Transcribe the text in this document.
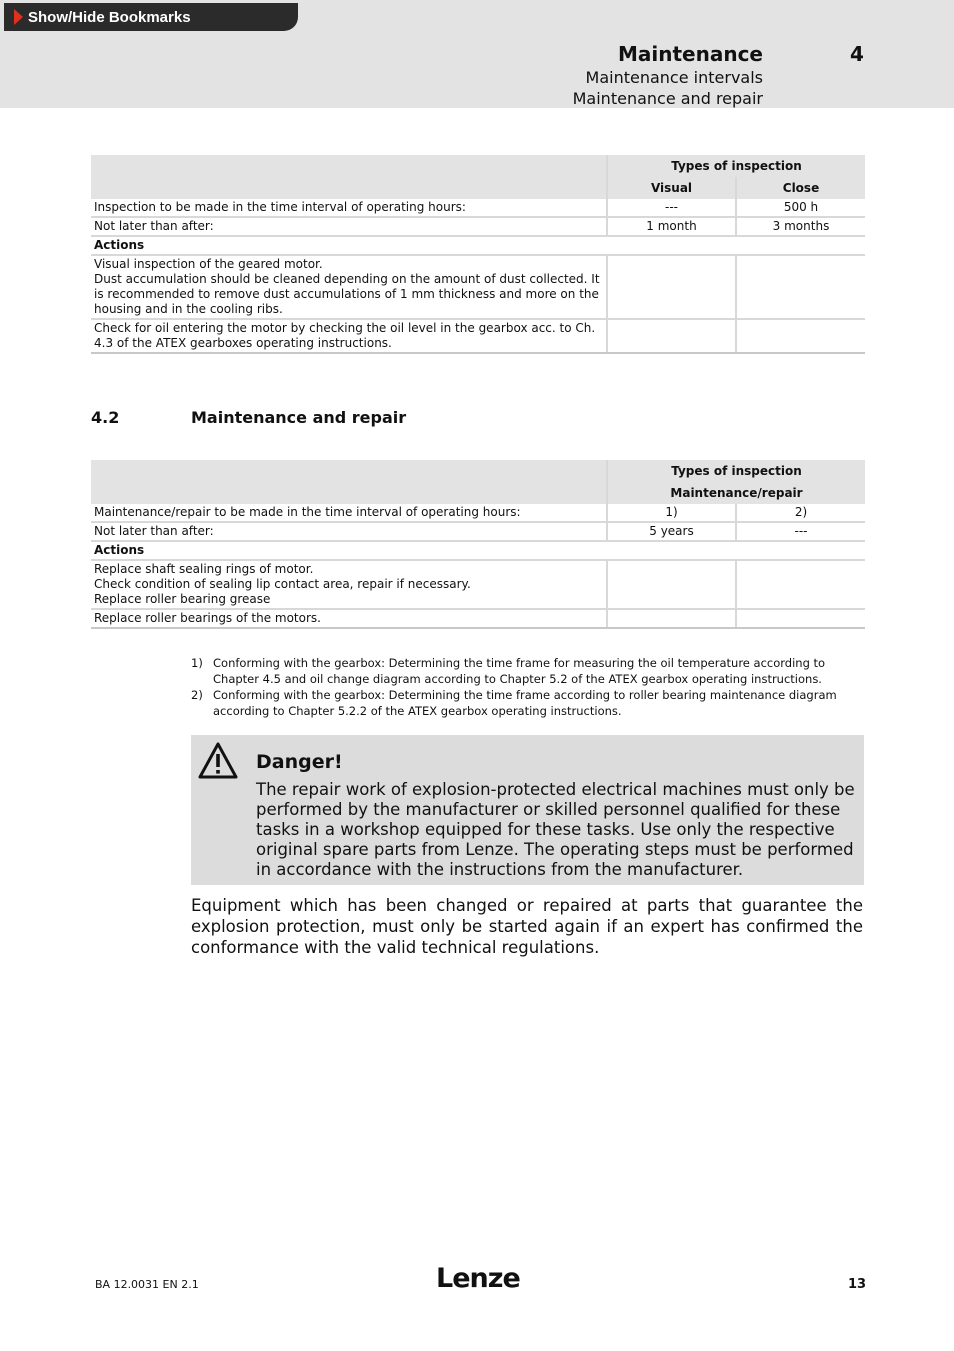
Show/Hide Bookmarks
Maintenance	4
Maintenance intervals
Maintenance and repair
	Types of inspection	
	Visual	Close
Inspection to be made in the time interval of operating hours:	---	500 h
Not later than after:	1 month	3 months
Actions		

Visual inspection of the geared motor.
Dust accumulation should be cleaned depending on the amount of dust collected. It is recommended to remove dust accumulations of 1 mm thickness and more on the housing and in the cooling ribs.		

Check for oil entering the motor by checking the oil level in the gearbox acc. to Ch. 4.3 of the ATEX gearboxes operating instructions.		
4.2	Maintenance and repair
	Types of inspection	
	Maintenance/repair	
Maintenance/repair to be made in the time interval of operating hours:	1)	2)
Not later than after:	5 years	---
Actions		

Replace shaft sealing rings of motor.
Check condition of sealing lip contact area, repair if necessary.
Replace roller bearing grease		

Replace roller bearings of the motors.		
1) Conforming with the gearbox: Determining the time frame for measuring the oil temperature according to Chapter 4.5 and oil change diagram according to Chapter 5.2 of the ATEX gearbox operating instructions.
2) Conforming with the gearbox: Determining the time frame according to roller bearing maintenance diagram according to Chapter 5.2.2 of the ATEX gearbox operating instructions.
Danger!
The repair work of explosion-protected electrical machines must only be performed by the manufacturer or skilled personnel qualified for these tasks in a workshop equipped for these tasks. Use only the respective original spare parts from Lenze. The operating steps must be performed in accordance with the instructions from the manufacturer.
Equipment which has been changed or repaired at parts that guarantee the explosion protection, must only be started again if an expert has confirmed the conformance with the valid technical regulations.
BA 12.0031 EN 2.1	Lenze	13
